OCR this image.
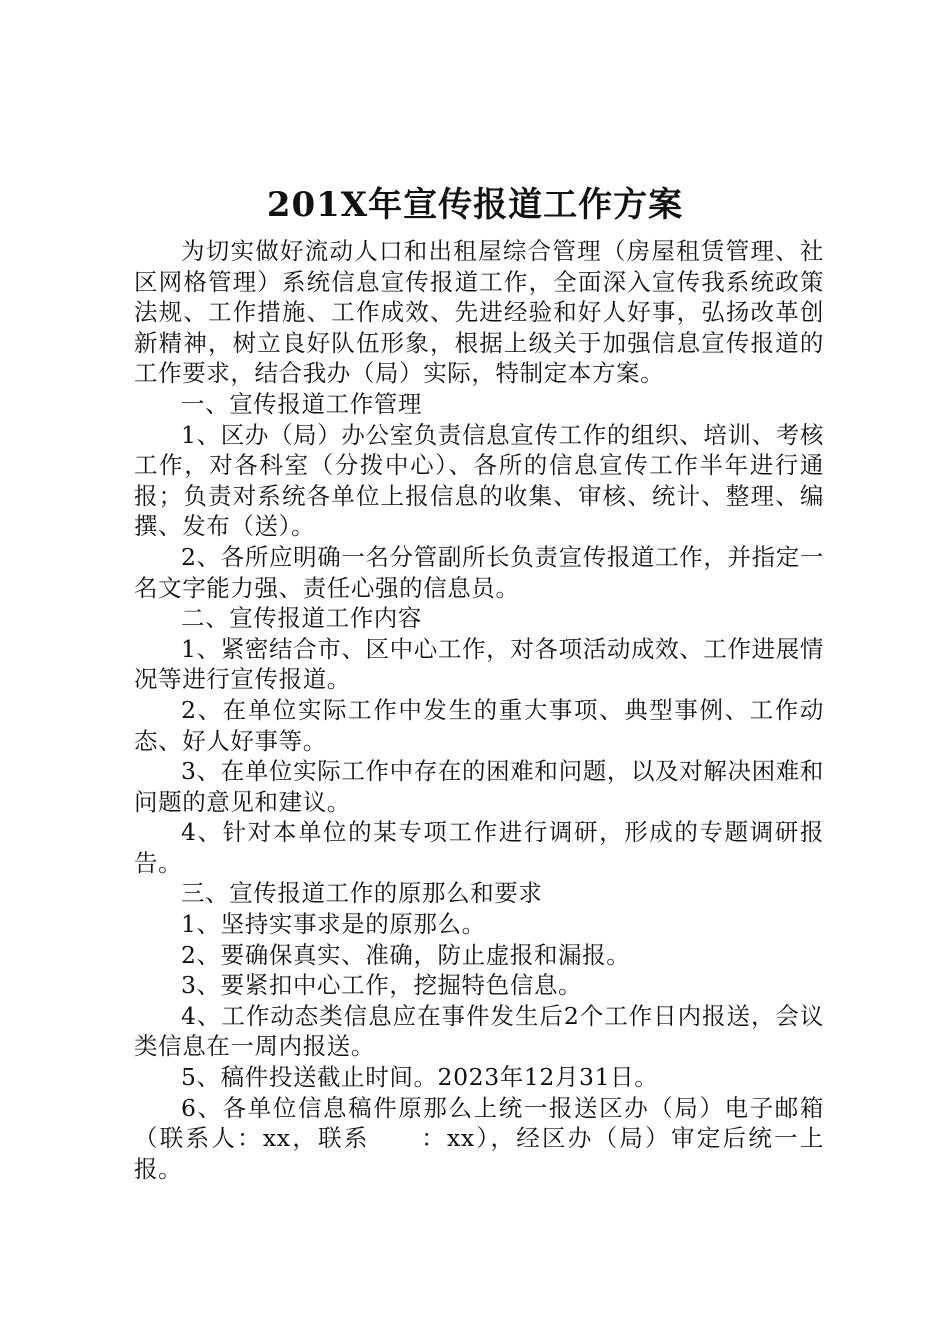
201X年宣传报道工作方案

为切实做好流动人口和出租屋综合管理（房屋租赁管理、社区网格管理）系统信息宣传报道工作，全面深入宣传我系统政策法规、工作措施、工作成效、先进经验和好人好事，弘扬改革创新精神，树立良好队伍形象，根据上级关于加强信息宣传报道的工作要求，结合我办（局）实际，特制定本方案。

一、宣传报道工作管理

1、区办（局）办公室负责信息宣传工作的组织、培训、考核工作，对各科室（分拨中心）、各所的信息宣传工作半年进行通报；负责对系统各单位上报信息的收集、审核、统计、整理、编撰、发布（送）。

2、各所应明确一名分管副所长负责宣传报道工作，并指定一名文字能力强、责任心强的信息员。

二、宣传报道工作内容

1、紧密结合市、区中心工作，对各项活动成效、工作进展情况等进行宣传报道。

2、在单位实际工作中发生的重大事项、典型事例、工作动态、好人好事等。

3、在单位实际工作中存在的困难和问题，以及对解决困难和问题的意见和建议。

4、针对本单位的某专项工作进行调研，形成的专题调研报告。

三、宣传报道工作的原那么和要求

1、坚持实事求是的原那么。

2、要确保真实、准确，防止虚报和漏报。

3、要紧扣中心工作，挖掘特色信息。

4、工作动态类信息应在事件发生后2个工作日内报送，会议类信息在一周内报送。

5、稿件投送截止时间。2023年12月31日。

6、各单位信息稿件原那么上统一报送区办（局）电子邮箱（联系人：xx，联系　　：xx），经区办（局）审定后统一上报。
